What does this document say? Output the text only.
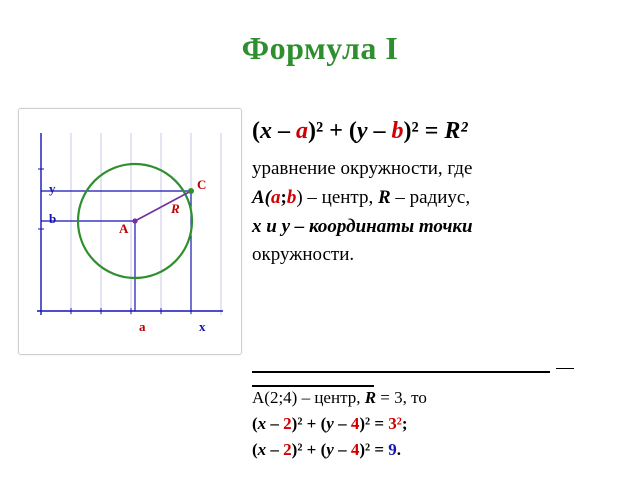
Формула I
y
b
x
a
A
C
R
(x – a)² + (y – b)² = R²
уравнение окружности, где
A(a;b) – центр, R – радиус,
x и y – координаты точки
окружности.
A(2;4) – центр, R = 3, то
(x – 2)² + (y – 4)² = 3²;
(x – 2)² + (y – 4)² = 9.
